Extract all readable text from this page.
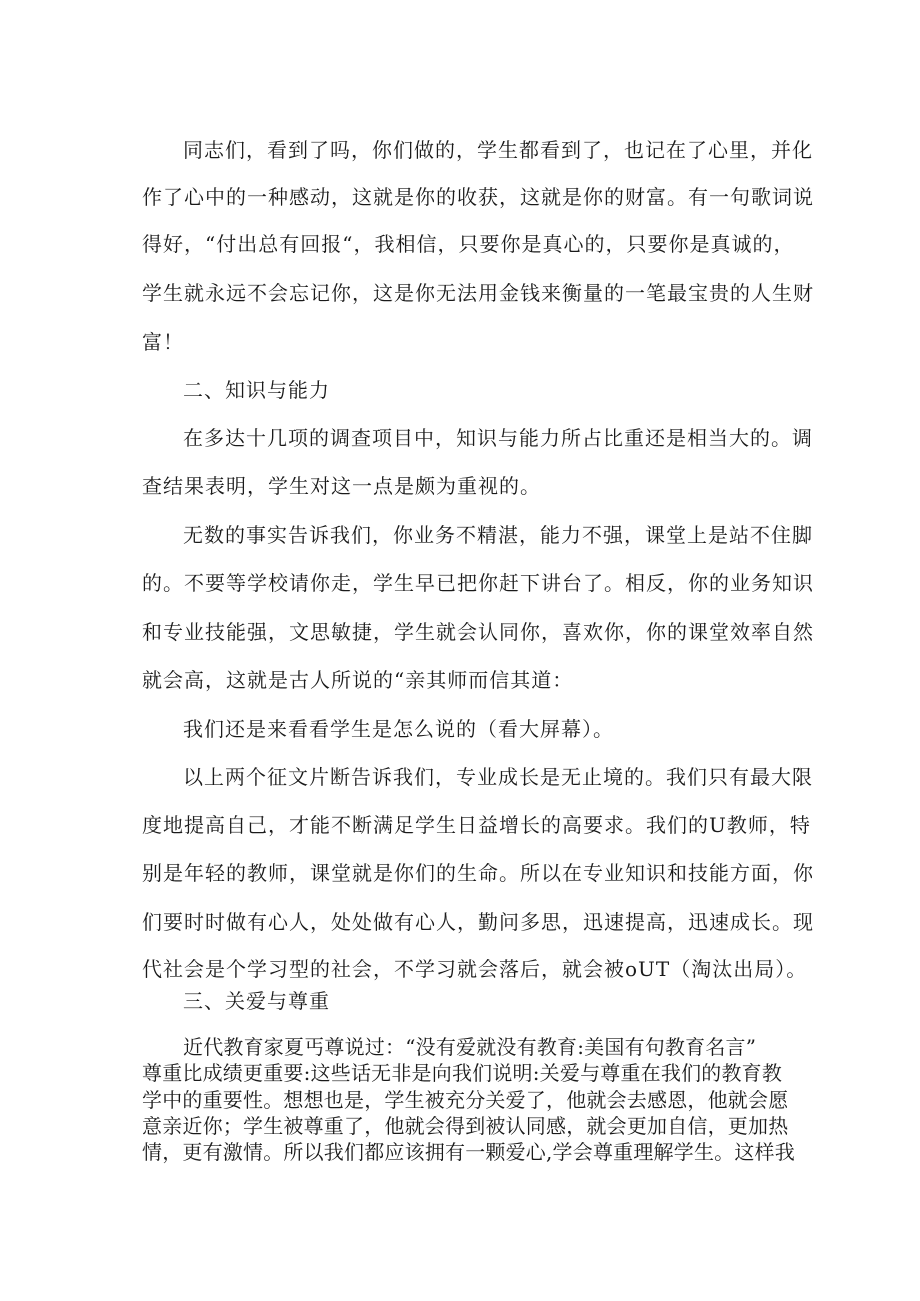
同志们，看到了吗，你们做的，学生都看到了，也记在了心里，并化
作了心中的一种感动，这就是你的收获，这就是你的财富。有一句歌词说
得好，“付出总有回报“，我相信，只要你是真心的，只要你是真诚的，
学生就永远不会忘记你，这是你无法用金钱来衡量的一笔最宝贵的人生财
富！
二、知识与能力
在多达十几项的调查项目中，知识与能力所占比重还是相当大的。调
查结果表明，学生对这一点是颇为重视的。
无数的事实告诉我们，你业务不精湛，能力不强，课堂上是站不住脚
的。不要等学校请你走，学生早已把你赶下讲台了。相反，你的业务知识
和专业技能强，文思敏捷，学生就会认同你，喜欢你，你的课堂效率自然
就会高，这就是古人所说的“亲其师而信其道：
我们还是来看看学生是怎么说的（看大屏幕）。
以上两个征文片断告诉我们，专业成长是无止境的。我们只有最大限
度地提高自己，才能不断满足学生日益增长的高要求。我们的U教师，特
别是年轻的教师，课堂就是你们的生命。所以在专业知识和技能方面，你
们要时时做有心人，处处做有心人，勤问多思，迅速提高，迅速成长。现
代社会是个学习型的社会，不学习就会落后，就会被oUT（淘汰出局）。
三、关爱与尊重
近代教育家夏丐尊说过：“没有爱就没有教育:美国有句教育名言”
尊重比成绩更重要:这些话无非是向我们说明:关爱与尊重在我们的教育教
学中的重要性。想想也是，学生被充分关爱了，他就会去感恩，他就会愿
意亲近你；学生被尊重了，他就会得到被认同感，就会更加自信，更加热
情，更有激情。所以我们都应该拥有一颗爱心,学会尊重理解学生。这样我
